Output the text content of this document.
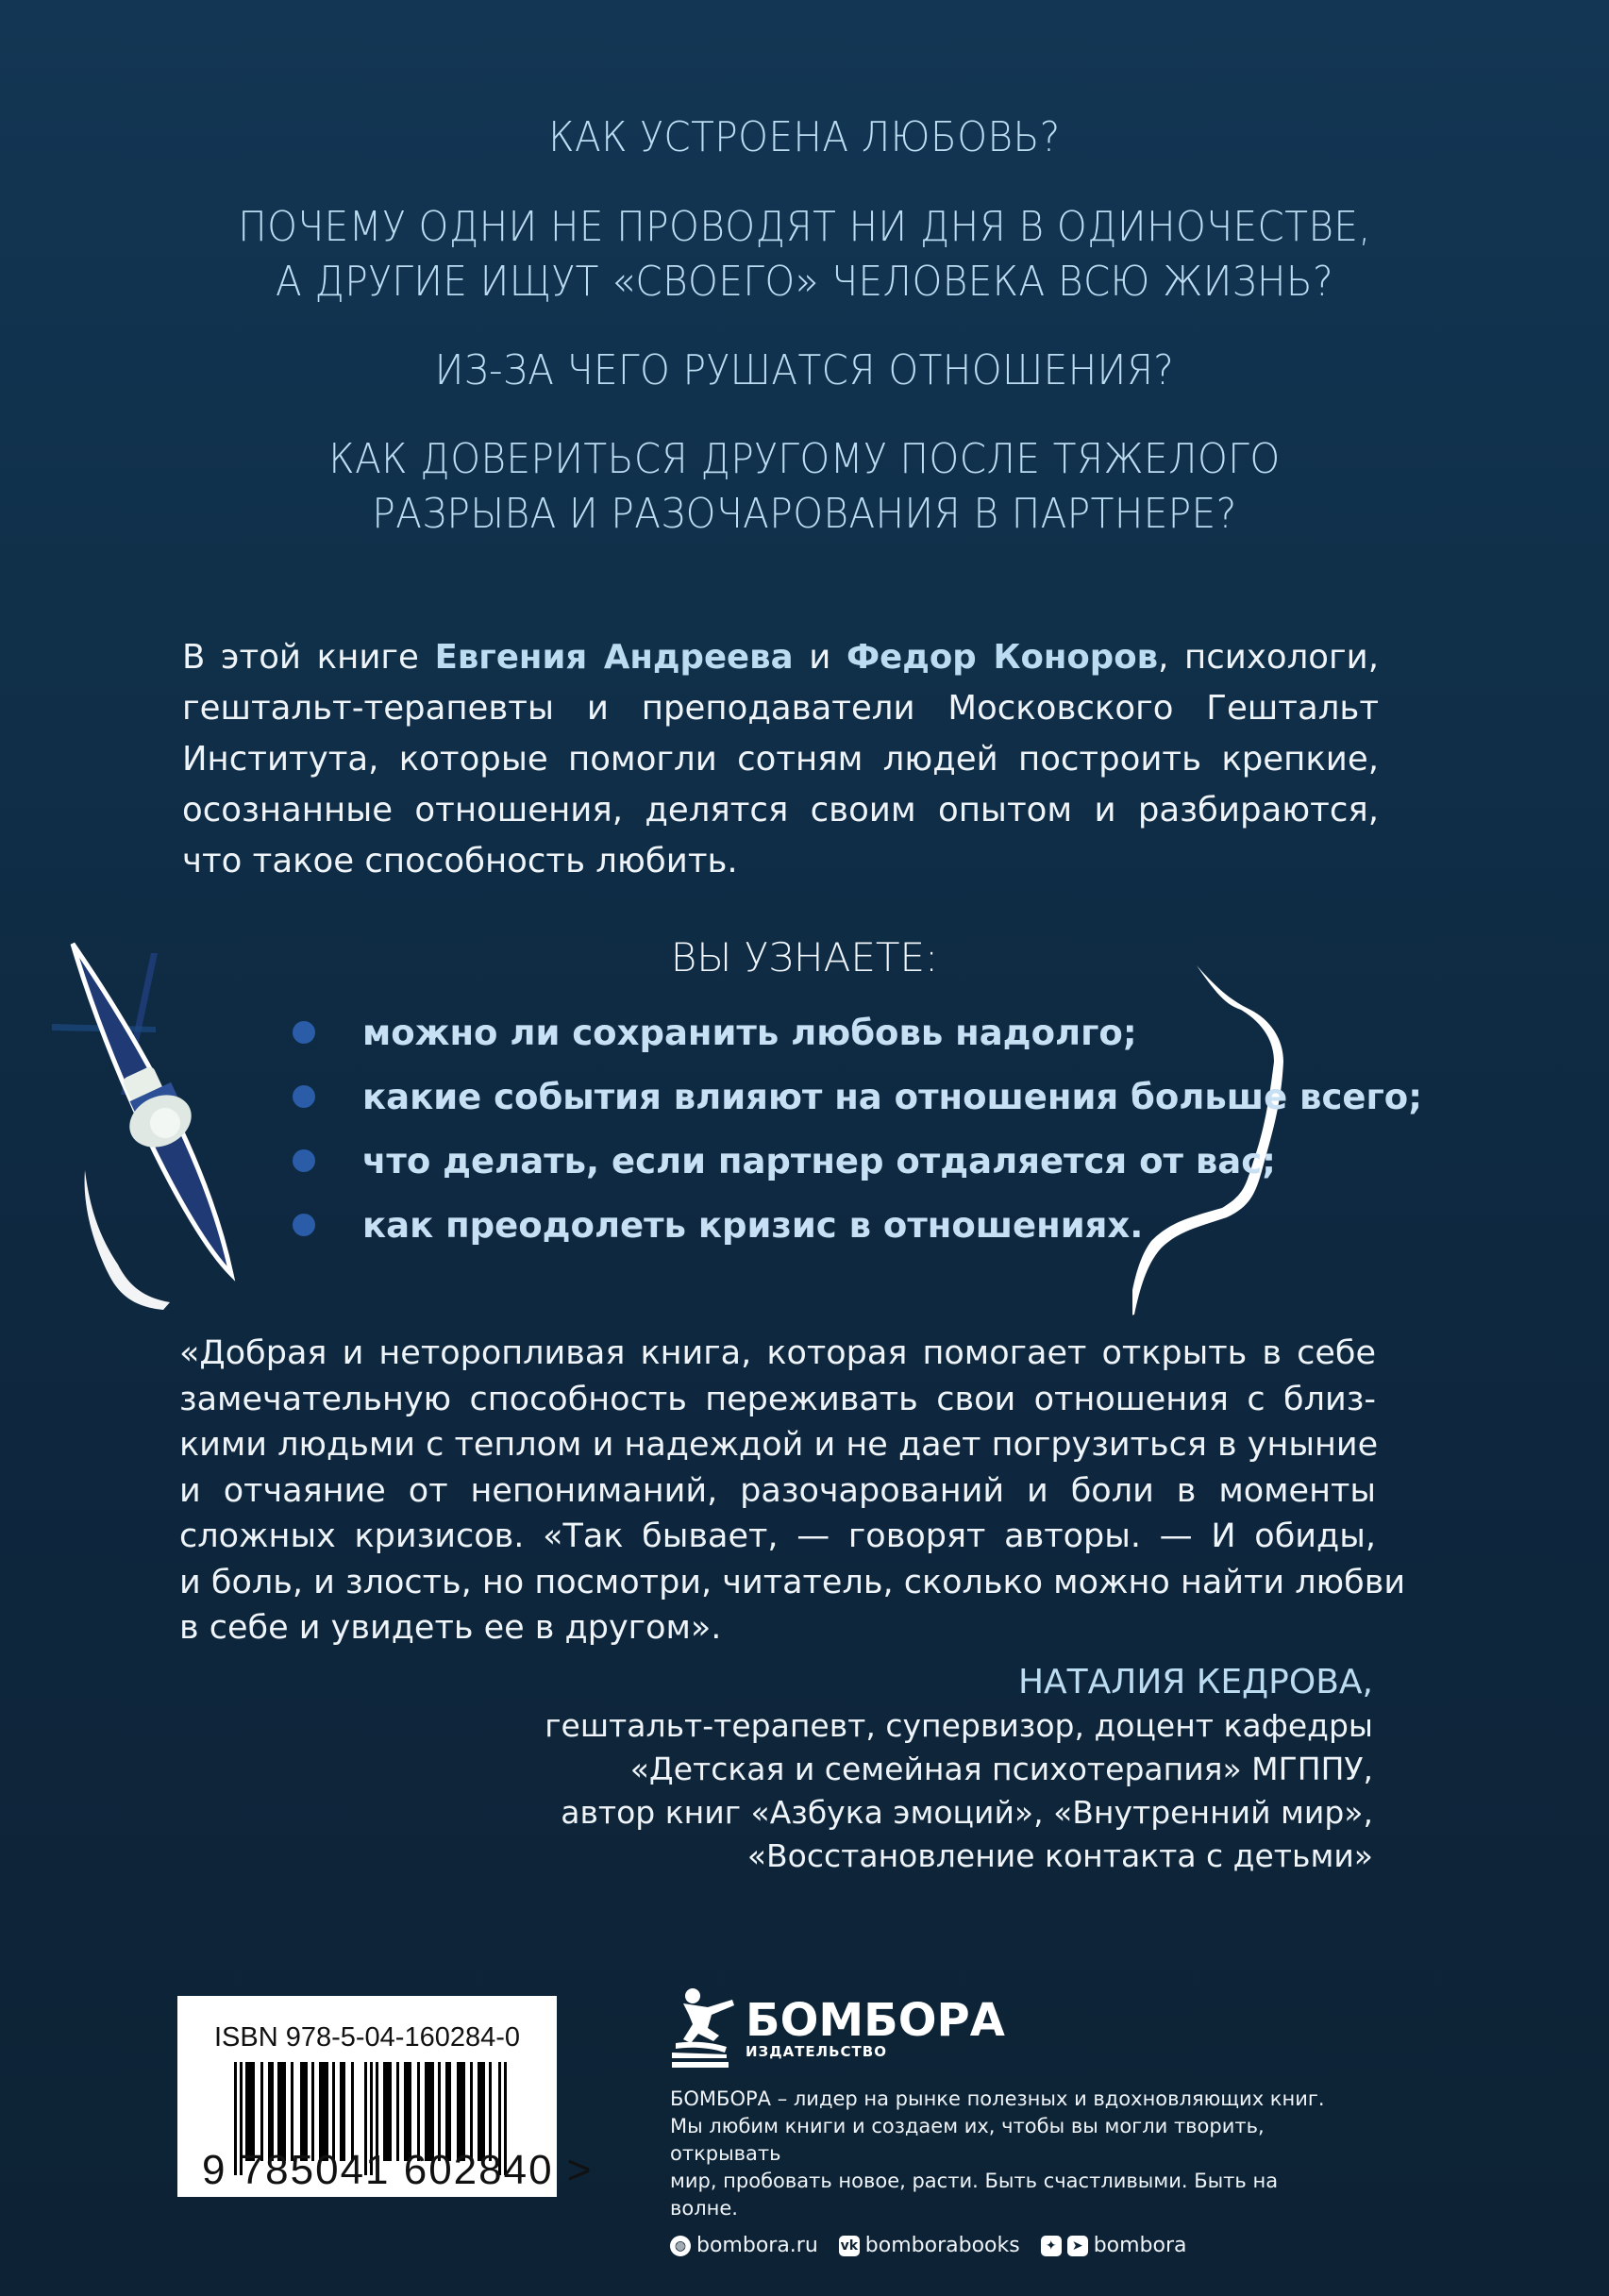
КАК УСТРОЕНА ЛЮБОВЬ?
ПОЧЕМУ ОДНИ НЕ ПРОВОДЯТ НИ ДНЯ В ОДИНОЧЕСТВЕ,
А ДРУГИЕ ИЩУТ «СВОЕГО» ЧЕЛОВЕКА ВСЮ ЖИЗНЬ?
ИЗ-ЗА ЧЕГО РУШАТСЯ ОТНОШЕНИЯ?
КАК ДОВЕРИТЬСЯ ДРУГОМУ ПОСЛЕ ТЯЖЕЛОГО
РАЗРЫВА И РАЗОЧАРОВАНИЯ В ПАРТНЕРЕ?
В этой книге Евгения Андреева и Федор Коноров, психологи,
гештальт-терапевты и преподаватели Московского Гештальт
Института, которые помогли сотням людей построить крепкие,
осознанные отношения, делятся своим опытом и разбираются,
что такое способность любить.
ВЫ УЗНАЕТЕ:
можно ли сохранить любовь надолго;
какие события влияют на отношения больше всего;
что делать, если партнер отдаляется от вас;
как преодолеть кризис в отношениях.
«Добрая и неторопливая книга, которая помогает открыть в себе
замечательную способность переживать свои отношения с близ-
кими людьми с теплом и надеждой и не дает погрузиться в уныние
и отчаяние от непониманий, разочарований и боли в моменты
сложных кризисов. «Так бывает, — говорят авторы. — И обиды,
и боль, и злость, но посмотри, читатель, сколько можно найти любви
в себе и увидеть ее в другом».
НАТАЛИЯ КЕДРОВА,
гештальт-терапевт, супервизор, доцент кафедры
«Детская и семейная психотерапия» МГППУ,
автор книг «Азбука эмоций», «Внутренний мир»,
«Восстановление контакта с детьми»
ISBN 978-5-04-160284-0
9 785041 602840 >
БОМБОРА
ИЗДАТЕЛЬСТВО
БОМБОРА – лидер на рынке полезных и вдохновляющих книг.
Мы любим книги и создаем их, чтобы вы могли творить, открывать
мир, пробовать новое, расти. Быть счастливыми. Быть на волне.
◍ bombora.ru vk bomborabooks	✦	➤ bombora
